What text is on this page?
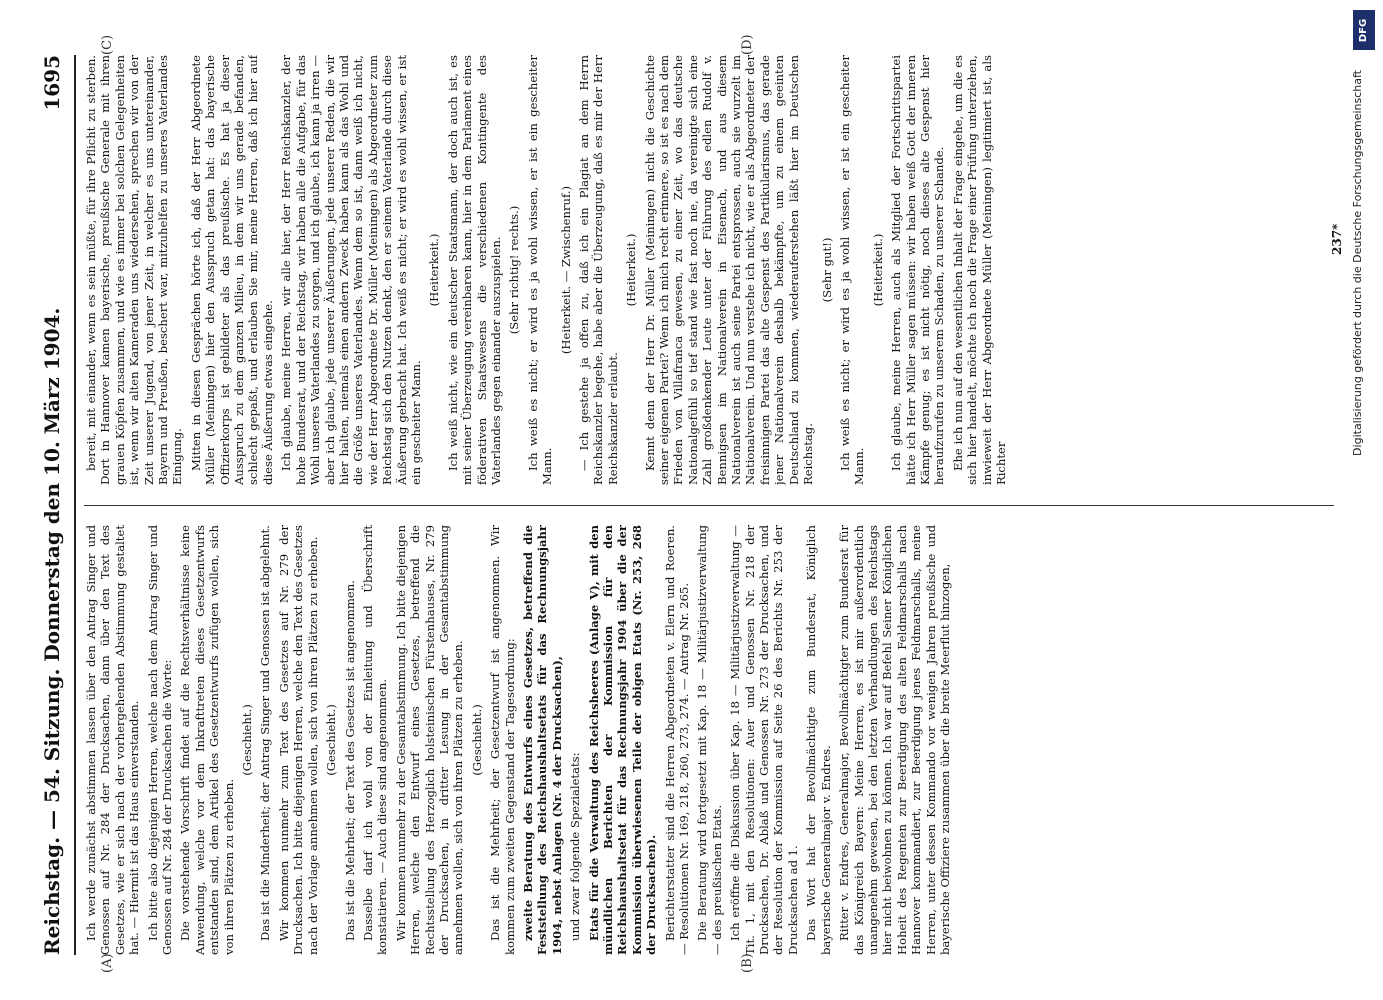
Reichstag. — 54. Sitzung. Donnerstag den 10. März 1904.
1695

Ich werde zunächst abstimmen lassen über den Antrag Singer und Genossen auf Nr. 284 der Drucksachen, dann über den Text des Gesetzes, wie er sich nach der vorhergehenden Abstimmung gestaltet hat. — Hiermit ist das Haus einverstanden. Ich bitte also diejenigen Herren, welche nach dem Antrag Singer und Genossen auf Nr. 284 der Drucksachen die Worte: Die vorstehende Vorschrift findet auf die Rechtsverhältnisse keine Anwendung, welche vor dem Inkrafttreten dieses Gesetzentwurfs entstanden sind, dem Artikel des Gesetzentwurfs zufügen wollen, sich von ihren Plätzen zu erheben.

(Geschieht.) Das ist die Minderheit; der Antrag Singer und Genossen ist abgelehnt. Wir kommen nunmehr zum Text des Gesetzes auf Nr. 279 der Drucksachen. Ich bitte diejenigen Herren, welche den Text des Gesetzes nach der Vorlage annehmen wollen, sich von ihren Plätzen zu erheben. (Geschieht.) Das ist die Mehrheit; der Text des Gesetzes ist angenommen. Dasselbe darf ich wohl von der Einleitung und Überschrift konstatieren. — Auch diese sind angenommen. Wir kommen nunmehr zu der Gesamtabstimmung. Ich bitte diejenigen Herren, welche den Entwurf eines Gesetzes, betreffend die Rechtsstellung des Herzoglich holsteinischen Fürstenhauses, Nr. 279 der Drucksachen, in dritter Lesung in der Gesamtabstimmung annehmen wollen, sich von ihren Plätzen zu erheben. (Geschieht.) Das ist die Mehrheit; der Gesetzentwurf ist angenommen. Wir kommen zum zweiten Gegenstand der Tagesordnung: zweite Beratung des Entwurfs eines Gesetzes, betreffend die Feststellung des Reichshaushaltsetats für das Rechnungsjahr 1904, nebst Anlagen (Nr. 4 der Drucksachen), und zwar folgende Spezialetats: Etats für die Verwaltung des Reichsheeres (Anlage V), mit den mündlichen Berichten der Kommission für den Reichshaushaltsetat für das Rechnungsjahr 1904 über die der Kommission überwiesenen Teile der obigen Etats (Nr. 253, 268 der Drucksachen). Berichterstatter sind die Herren Abgeordneten v. Elern und Roeren. — Resolutionen Nr. 169, 218, 260, 273, 274. — Antrag Nr. 265. Die Beratung wird fortgesetzt mit Kap. 18 — Militärjustizverwaltung — des preußischen Etats. Ich eröffne die Diskussion über Kap. 18 — Militärjustizverwaltung — Tit. 1, mit den Resolutionen: Auer und Genossen Nr. 218 der Drucksachen, Dr. Ablaß und Genossen Nr. 273 der Drucksachen, und der Resolution der Kommission auf Seite 26 des Berichts Nr. 253 der Drucksachen ad 1. Das Wort hat der Bevollmächtigte zum Bundesrat, Königlich bayerische Generalmajor v. Endres. Ritter v. Endres, Generalmajor, Bevollmächtigter zum Bundesrat für das Königreich Bayern: Meine Herren, es ist mir außerordentlich unangenehm gewesen, bei den letzten Verhandlungen des Reichstags hier nicht beiwohnen zu können. Ich war auf Befehl Seiner Königlichen Hoheit des Regenten zur Beerdigung des alten Feldmarschalls nach Hannover kommandiert, zur Beerdigung jenes Feldmarschalls, meine Herren, unter dessen Kommando vor wenigen Jahren preußische und bayerische Offiziere zusammen über die breite Meerflut hinzogen,

bereit, mit einander, wenn es sein müßte, für ihre Pflicht zu sterben. Dort in Hannover kamen bayerische, preußische Generale mit ihren grauen Köpfen zusammen, und wie es immer bei solchen Gelegenheiten ist, wenn wir alten Kameraden uns wiedersehen, sprechen wir von der Zeit unserer Jugend, von jener Zeit, in welcher es uns untereinander, Bayern und Preußen, beschert war, mitzuhelfen zu unseres Vaterlandes Einigung. Mitten in diesen Gesprächen hörte ich, daß der Herr Abgeordnete Müller (Meiningen) hier den Ausspruch getan hat: das bayerische Offizierkorps ist gebildeter als das preußische. Es hat ja dieser Ausspruch zu dem ganzen Milieu, in dem wir uns gerade befanden, schlecht gepaßt, und erlauben Sie mir, meine Herren, daß ich hier auf diese Äußerung etwas eingehe. Ich glaube, meine Herren, wir alle hier, der Herr Reichskanzler, der hohe Bundesrat, und der Reichstag, wir haben alle die Aufgabe, für das Wohl unseres Vaterlandes zu sorgen, und ich glaube, ich kann ja irren — aber ich glaube, jede unserer Äußerungen, jede unserer Reden, die wir hier halten, niemals einen andern Zweck haben kann als das Wohl und die Größe unseres Vaterlandes. Wenn dem so ist, dann weiß ich nicht, wie der Herr Abgeordnete Dr. Müller (Meiningen) als Abgeordneter zum Reichstag sich den Nutzen denkt, den er seinem Vaterlande durch diese Äußerung gebracht hat. Ich weiß es nicht; er wird es wohl wissen, er ist ein gescheiter Mann.

(Heiterkeit.) Ich weiß nicht, wie ein deutscher Staatsmann, der doch auch ist, es mit seiner Überzeugung vereinbaren kann, hier in dem Parlament eines föderativen Staatswesens die verschiedenen Kontingente des Vaterlandes gegen einander auszuspielen. (Sehr richtig! rechts.) Ich weiß es nicht; er wird es ja wohl wissen, er ist ein gescheiter Mann.

(Heiterkeit. — Zwischenruf.) — Ich gestehe ja offen zu, daß ich ein Plagiat an dem Herrn Reichskanzler begehe, habe aber die Überzeugung, daß es mir der Herr Reichskanzler erlaubt.

(Heiterkeit.) Kennt denn der Herr Dr. Müller (Meiningen) nicht die Geschichte seiner eigenen Partei? Wenn ich mich recht erinnere, so ist es nach dem Frieden von Villafranca gewesen, zu einer Zeit, wo das deutsche Nationalgefühl so tief stand wie fast noch nie, da vereinigte sich eine Zahl großdenkender Leute unter der Führung des edlen Rudolf v. Bennigsen im Nationalverein in Eisenach, und aus diesem Nationalverein ist auch seine Partei entsprossen, auch sie wurzelt im Nationalverein. Und nun verstehe ich nicht, wie er als Abgeordneter der freisinnigen Partei das alte Gespenst des Partikularismus, das gerade jener Nationalverein deshalb bekämpfte, um zu einem geeinten Deutschland zu kommen, wiederauferstehen läßt hier im Deutschen Reichstag.

(Sehr gut!) Ich weiß es nicht; er wird es ja wohl wissen, er ist ein gescheiter Mann.

(Heiterkeit.) Ich glaube, meine Herren, auch als Mitglied der Fortschrittspartei hätte ich Herr Müller sagen müssen: wir haben weiß Gott der inneren Kämpfe genug; es ist nicht nötig, noch dieses alte Gespenst hier heraufzurufen zu unserem Schaden, zu unserer Schande. Ehe ich nun auf den wesentlichen Inhalt der Frage eingehe, um die es sich hier handelt, möchte ich noch die Frage einer Prüfung unterziehen, inwieweit der Herr Abgeordnete Müller (Meiningen) legitimiert ist, als Richter

(A)	(B)
(C)	(D)
237*
DFG
Digitalisierung gefördert durch die Deutsche Forschungsgemeinschaft
